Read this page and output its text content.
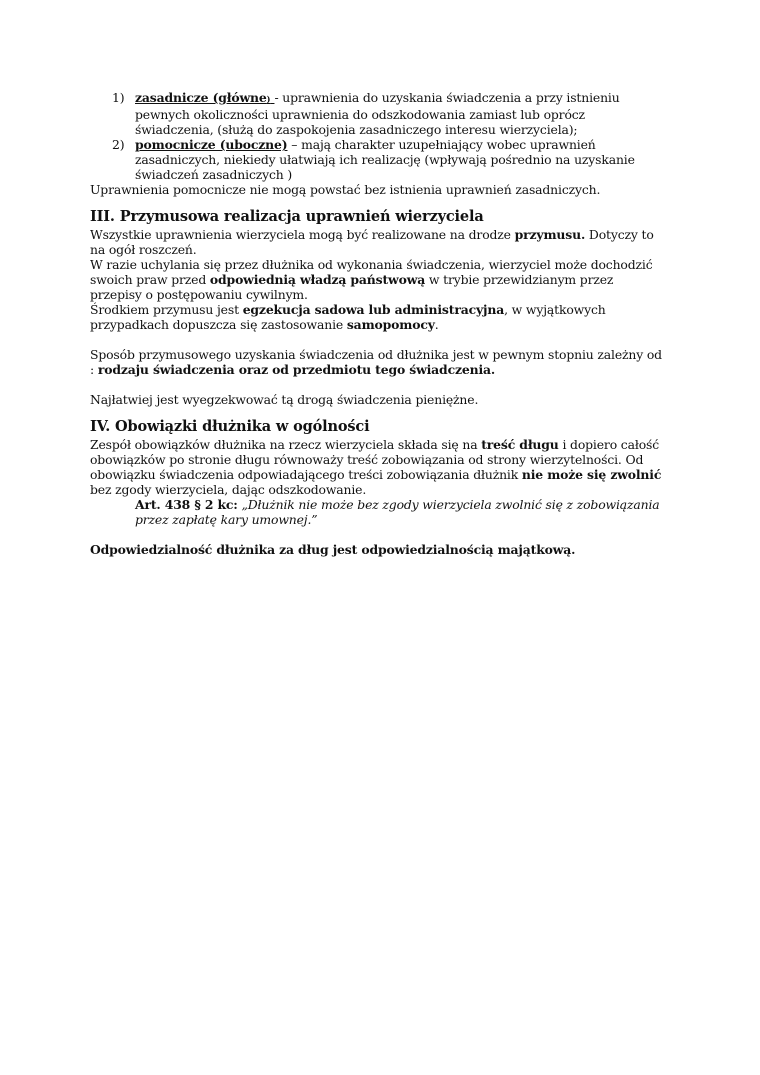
1) zasadnicze (główne) - uprawnienia do uzyskania świadczenia a przy istnieniu pewnych okoliczności uprawnienia do odszkodowania zamiast lub oprócz świadczenia, (służą do zaspokojenia zasadniczego interesu wierzyciela);
2) pomocnicze (uboczne) – mają charakter uzupełniający wobec uprawnień zasadniczych, niekiedy ułatwiają ich realizację (wpływają pośrednio na uzyskanie świadczeń zasadniczych )

Uprawnienia pomocnicze nie mogą powstać bez istnienia uprawnień zasadniczych.

III. Przymusowa realizacja uprawnień wierzyciela

Wszystkie uprawnienia wierzyciela mogą być realizowane na drodze przymusu. Dotyczy to na ogół roszczeń.

W razie uchylania się przez dłużnika od wykonania świadczenia, wierzyciel może dochodzić swoich praw przed odpowiednią władzą państwową w trybie przewidzianym przez przepisy o postępowaniu cywilnym.

Środkiem przymusu jest egzekucja sadowa lub administracyjna, w wyjątkowych przypadkach dopuszcza się zastosowanie samopomocy.

Sposób przymusowego uzyskania świadczenia od dłużnika jest w pewnym stopniu zależny od : rodzaju świadczenia oraz od przedmiotu tego świadczenia.

Najłatwiej jest wyegzekwować tą drogą świadczenia pieniężne.

IV. Obowiązki dłużnika w ogólności

Zespół obowiązków dłużnika na rzecz wierzyciela składa się na treść długu i dopiero całość obowiązków po stronie długu równoważy treść zobowiązania od strony wierzytelności. Od obowiązku świadczenia odpowiadającego treści zobowiązania dłużnik nie może się zwolnić bez zgody wierzyciela, dając odszkodowanie.

Art. 438 § 2 kc: „Dłużnik nie może bez zgody wierzyciela zwolnić się z zobowiązania przez zapłatę kary umownej.”

Odpowiedzialność dłużnika za dług jest odpowiedzialnością majątkową.
